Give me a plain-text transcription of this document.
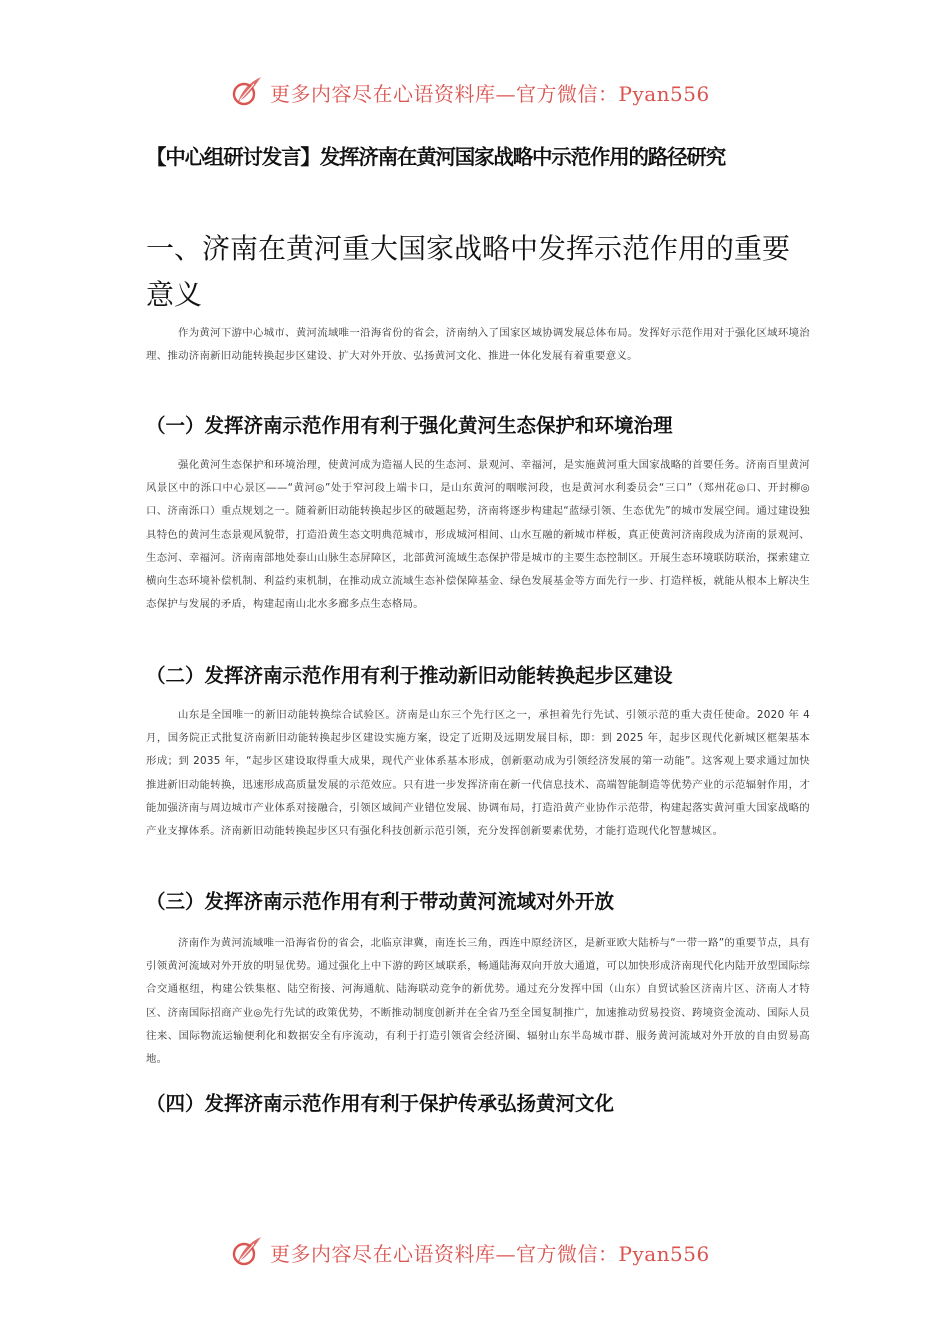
更多内容尽在心语资料库—官方微信：Pyan556
【中心组研讨发言】发挥济南在黄河国家战略中示范作用的路径研究
一、济南在黄河重大国家战略中发挥示范作用的重要意义

作为黄河下游中心城市、黄河流域唯一沿海省份的省会，济南纳入了国家区域协调发展总体布局。发挥好示范作用对于强化区域环境治理、推动济南新旧动能转换起步区建设、扩大对外开放、弘扬黄河文化、推进一体化发展有着重要意义。

（一）发挥济南示范作用有利于强化黄河生态保护和环境治理

强化黄河生态保护和环境治理，使黄河成为造福人民的生态河、景观河、幸福河，是实施黄河重大国家战略的首要任务。济南百里黄河风景区中的泺口中心景区——“黄河◎”处于窄河段上端卡口，是山东黄河的咽喉河段，也是黄河水利委员会“三口”（郑州花◎口、开封柳◎口、济南泺口）重点规划之一。随着新旧动能转换起步区的破题起势，济南将逐步构建起“蓝绿引领、生态优先”的城市发展空间。通过建设独具特色的黄河生态景观风貌带，打造沿黄生态文明典范城市，形成城河相间、山水互融的新城市样板，真正使黄河济南段成为济南的景观河、生态河、幸福河。济南南部地处泰山山脉生态屏障区，北部黄河流域生态保护带是城市的主要生态控制区。开展生态环境联防联治，探索建立横向生态环境补偿机制、利益约束机制，在推动成立流域生态补偿保障基金、绿色发展基金等方面先行一步、打造样板，就能从根本上解决生态保护与发展的矛盾，构建起南山北水多廊多点生态格局。

（二）发挥济南示范作用有利于推动新旧动能转换起步区建设

山东是全国唯一的新旧动能转换综合试验区。济南是山东三个先行区之一，承担着先行先试、引领示范的重大责任使命。2020 年 4 月，国务院正式批复济南新旧动能转换起步区建设实施方案，设定了近期及远期发展目标，即：到 2025 年，起步区现代化新城区框架基本形成；到 2035 年，“起步区建设取得重大成果，现代产业体系基本形成，创新驱动成为引领经济发展的第一动能”。这客观上要求通过加快推进新旧动能转换，迅速形成高质量发展的示范效应。只有进一步发挥济南在新一代信息技术、高端智能制造等优势产业的示范辐射作用，才能加强济南与周边城市产业体系对接融合，引领区域间产业错位发展、协调布局，打造沿黄产业协作示范带，构建起落实黄河重大国家战略的产业支撑体系。济南新旧动能转换起步区只有强化科技创新示范引领，充分发挥创新要素优势，才能打造现代化智慧城区。

（三）发挥济南示范作用有利于带动黄河流域对外开放

济南作为黄河流域唯一沿海省份的省会，北临京津冀，南连长三角，西连中原经济区，是新亚欧大陆桥与“一带一路”的重要节点，具有引领黄河流域对外开放的明显优势。通过强化上中下游的跨区域联系，畅通陆海双向开放大通道，可以加快形成济南现代化内陆开放型国际综合交通枢纽，构建公铁集枢、陆空衔接、河海通航、陆海联动竞争的新优势。通过充分发挥中国（山东）自贸试验区济南片区、济南人才特区、济南国际招商产业◎先行先试的政策优势，不断推动制度创新并在全省乃至全国复制推广，加速推动贸易投资、跨境资金流动、国际人员往来、国际物流运输便利化和数据安全有序流动，有利于打造引领省会经济圈、辐射山东半岛城市群、服务黄河流域对外开放的自由贸易高地。

（四）发挥济南示范作用有利于保护传承弘扬黄河文化
更多内容尽在心语资料库—官方微信：Pyan556
